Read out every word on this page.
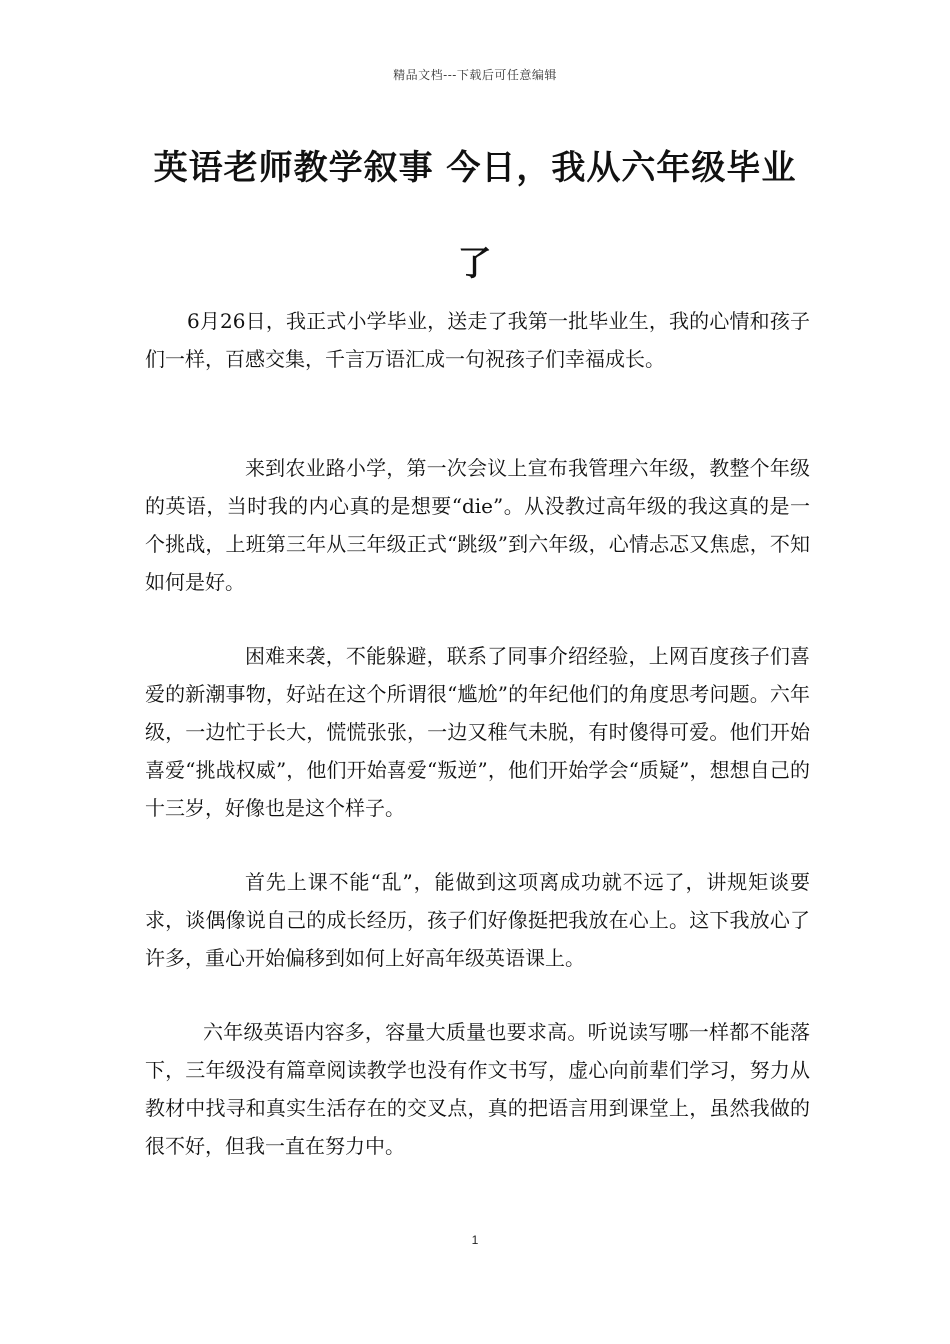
精品文档---下载后可任意编辑
英语老师教学叙事 今日，我从六年级毕业了

6月26日，我正式小学毕业，送走了我第一批毕业生，我的心情和孩子们一样，百感交集，千言万语汇成一句祝孩子们幸福成长。

来到农业路小学，第一次会议上宣布我管理六年级，教整个年级的英语，当时我的内心真的是想要“die”。从没教过高年级的我这真的是一个挑战，上班第三年从三年级正式“跳级”到六年级，心情忐忑又焦虑，不知如何是好。

困难来袭，不能躲避，联系了同事介绍经验，上网百度孩子们喜爱的新潮事物，好站在这个所谓很“尴尬”的年纪他们的角度思考问题。六年级，一边忙于长大，慌慌张张，一边又稚气未脱，有时傻得可爱。他们开始喜爱“挑战权威”，他们开始喜爱“叛逆”，他们开始学会“质疑”，想想自己的十三岁，好像也是这个样子。

首先上课不能“乱”，能做到这项离成功就不远了，讲规矩谈要求，谈偶像说自己的成长经历，孩子们好像挺把我放在心上。这下我放心了许多，重心开始偏移到如何上好高年级英语课上。

六年级英语内容多，容量大质量也要求高。听说读写哪一样都不能落下，三年级没有篇章阅读教学也没有作文书写，虚心向前辈们学习，努力从教材中找寻和真实生活存在的交叉点，真的把语言用到课堂上，虽然我做的很不好，但我一直在努力中。

1
